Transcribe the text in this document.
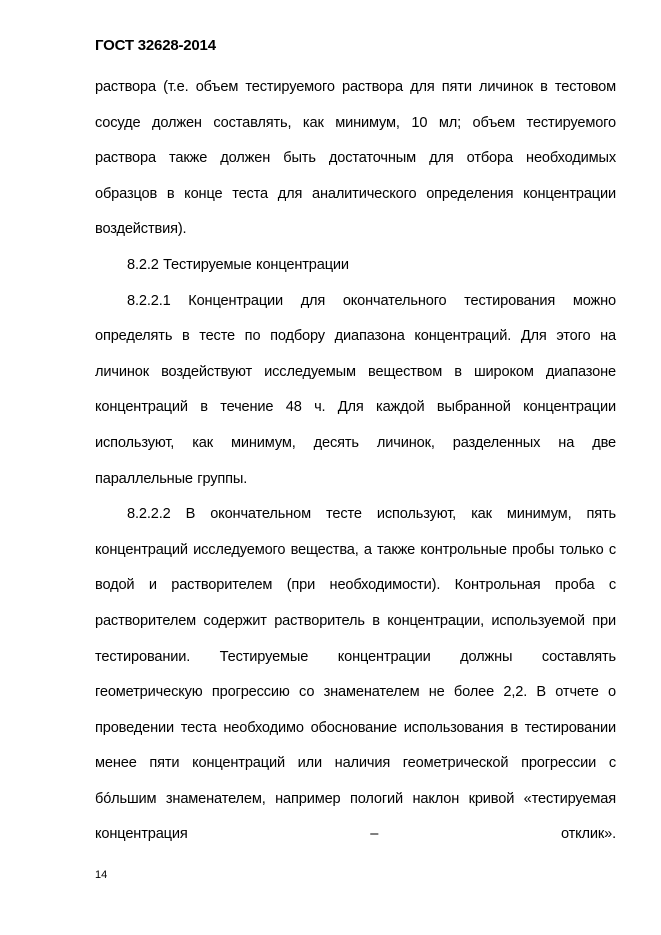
ГОСТ 32628-2014

раствора (т.е. объем тестируемого раствора для пяти личинок в тестовом сосуде должен составлять, как минимум, 10 мл; объем тестируемого раствора также должен быть достаточным для отбора необходимых образцов в конце теста для аналитического определения концентрации воздействия).

8.2.2 Тестируемые концентрации

8.2.2.1 Концентрации для окончательного тестирования можно определять в тесте по подбору диапазона концентраций. Для этого на личинок воздействуют исследуемым веществом в широком диапазоне концентраций в течение 48 ч. Для каждой выбранной концентрации используют, как минимум, десять личинок, разделенных на две параллельные группы.

8.2.2.2 В окончательном тесте используют, как минимум, пять концентраций исследуемого вещества, а также контрольные пробы только с водой и растворителем (при необходимости). Контрольная проба с растворителем содержит растворитель в концентрации, используемой при тестировании. Тестируемые концентрации должны составлять геометрическую прогрессию со знаменателем не более 2,2. В отчете о проведении теста необходимо обоснование использования в тестировании менее пяти концентраций или наличия геометрической прогрессии с бóльшим знаменателем, например пологий наклон кривой «тестируемая концентрация – отклик».

14
